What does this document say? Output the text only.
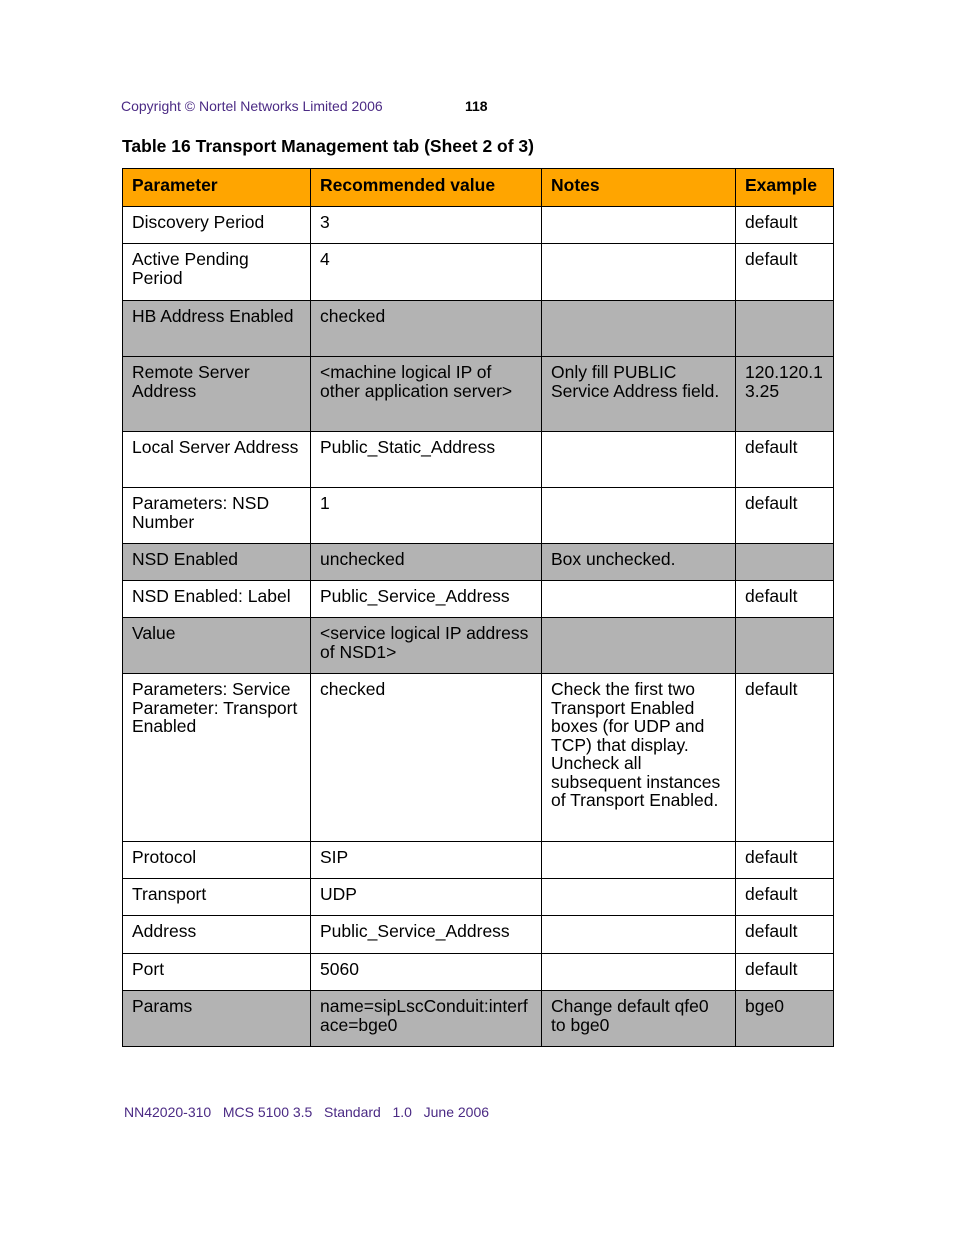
Copyright © Nortel Networks Limited 2006	118
Table 16 Transport Management tab (Sheet 2 of 3)
Parameter	Recommended value	Notes	Example
Discovery Period	3		default
Active Pending Period	4		default
HB Address Enabled	checked		
Remote Server Address	<machine logical IP of other application server>	Only fill PUBLIC Service Address field.	120.120.13.25
Local Server Address	Public_Static_Address		default
Parameters: NSD Number	1		default
NSD Enabled	unchecked	Box unchecked.	
NSD Enabled: Label	Public_Service_Address		default
Value	<service logical IP address of NSD1>		
Parameters: Service Parameter: Transport Enabled	checked	Check the first two Transport Enabled boxes (for UDP and TCP) that display. Uncheck all subsequent instances of Transport Enabled.	default
Protocol	SIP		default
Transport	UDP		default
Address	Public_Service_Address		default
Port	5060		default
Params	name=sipLscConduit:interface=bge0	Change default qfe0 to bge0	bge0
NN42020-310   MCS 5100 3.5   Standard   1.0   June 2006
